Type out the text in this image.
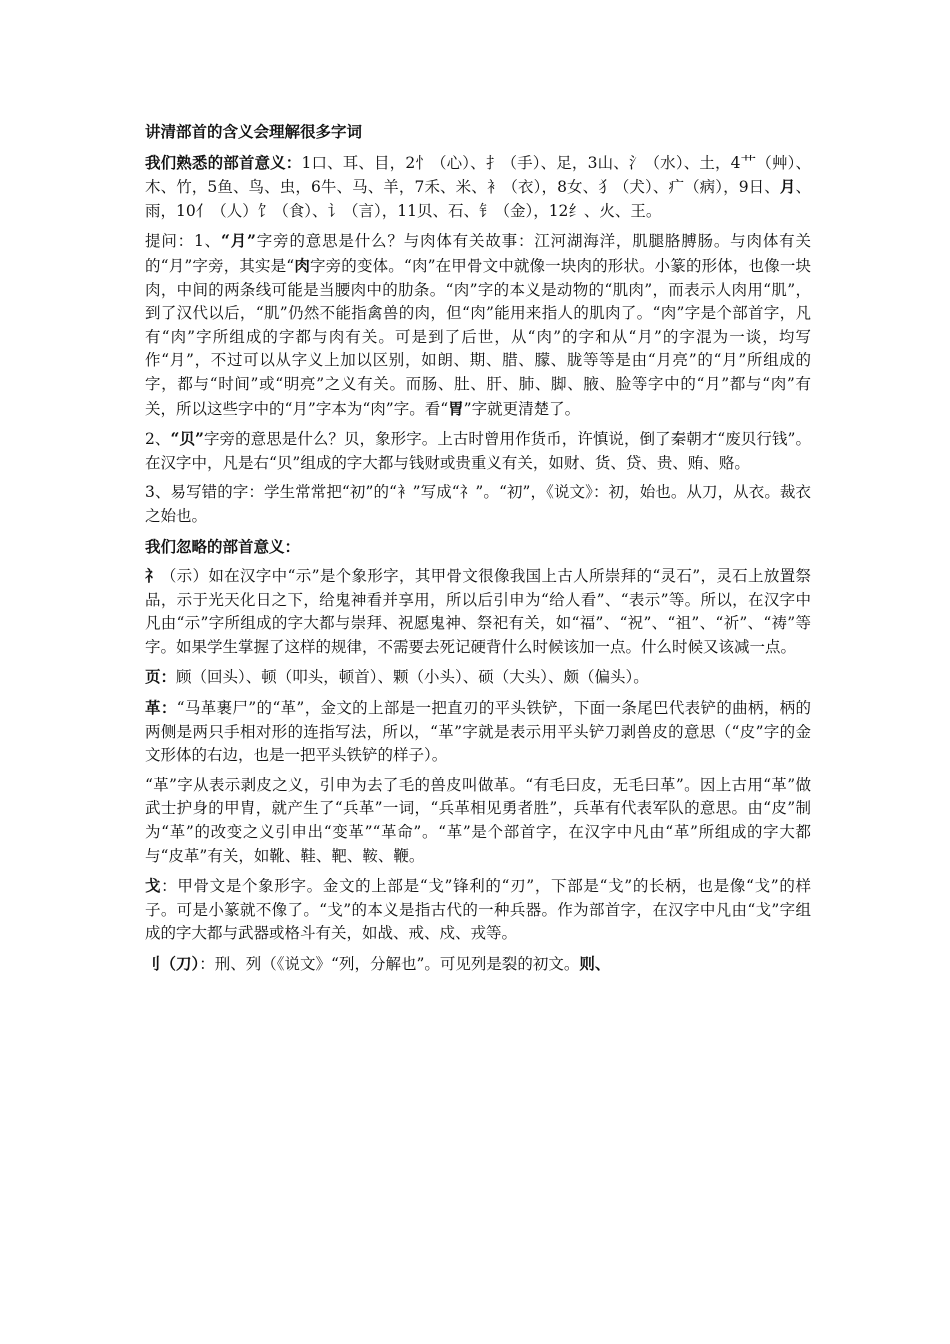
讲清部首的含义会理解很多字词

我们熟悉的部首意义：1口、耳、目，2忄（心）、扌（手）、足，3山、氵（水）、土，4艹（艸）、木、竹，5鱼、鸟、虫，6牛、马、羊，7禾、米、衤（衣），8女、犭（犬）、疒（病），9日、月、雨，10亻（人）饣（食）、讠（言），11贝、石、钅（金），12纟、火、王。

提问：1、“月”字旁的意思是什么？与肉体有关故事：江河湖海洋，肌腿胳膊肠。与肉体有关的“月”字旁，其实是“肉字旁的变体。“肉”在甲骨文中就像一块肉的形状。小篆的形体，也像一块肉，中间的两条线可能是当腰肉中的肋条。“肉”字的本义是动物的“肌肉”，而表示人肉用“肌”，到了汉代以后，“肌”仍然不能指禽兽的肉，但“肉”能用来指人的肌肉了。“肉”字是个部首字，凡有“肉”字所组成的字都与肉有关。可是到了后世，从“肉”的字和从“月”的字混为一谈，均写作“月”，不过可以从字义上加以区别，如朗、期、腊、朦、胧等等是由“月亮”的“月”所组成的字，都与“时间”或“明亮”之义有关。而肠、肚、肝、肺、脚、腋、脸等字中的“月”都与“肉”有关，所以这些字中的“月”字本为“肉”字。看“胃”字就更清楚了。

2、“贝”字旁的意思是什么？贝，象形字。上古时曾用作货币，许慎说，倒了秦朝才“废贝行钱”。在汉字中，凡是右“贝”组成的字大都与钱财或贵重义有关，如财、货、贷、贵、贿、赂。

3、易写错的字：学生常常把“初”的“衤”写成“礻”。“初”，《说文》：初，始也。从刀，从衣。裁衣之始也。

我们忽略的部首意义：

礻（示）如在汉字中“示”是个象形字，其甲骨文很像我国上古人所崇拜的“灵石”，灵石上放置祭品，示于光天化日之下，给鬼神看并享用，所以后引申为“给人看”、“表示”等。所以，在汉字中凡由“示”字所组成的字大都与崇拜、祝愿鬼神、祭祀有关，如“福”、“祝”、“祖”、“祈”、“祷”等字。如果学生掌握了这样的规律，不需要去死记硬背什么时候该加一点。什么时候又该减一点。

页：顾（回头）、顿（叩头，顿首）、颗（小头）、硕（大头）、颇（偏头）。

革：“马革裹尸”的“革”，金文的上部是一把直刃的平头铁铲，下面一条尾巴代表铲的曲柄，柄的两侧是两只手相对形的连指写法，所以，“革”字就是表示用平头铲刀剥兽皮的意思（“皮”字的金文形体的右边，也是一把平头铁铲的样子）。

“革”字从表示剥皮之义，引申为去了毛的兽皮叫做革。“有毛曰皮，无毛曰革”。因上古用“革”做武士护身的甲胄，就产生了“兵革”一词，“兵革相见勇者胜”，兵革有代表军队的意思。由“皮”制为“革”的改变之义引申出“变革”“革命”。“革”是个部首字，在汉字中凡由“革”所组成的字大都与“皮革”有关，如靴、鞋、靶、鞍、鞭。

戈：甲骨文是个象形字。金文的上部是“戈”锋利的“刃”，下部是“戈”的长柄，也是像“戈”的样子。可是小篆就不像了。“戈”的本义是指古代的一种兵器。作为部首字，在汉字中凡由“戈”字组成的字大都与武器或格斗有关，如战、戒、戍、戎等。

刂（刀）：刑、列（《说文》“列，分解也”。可见列是裂的初文。则、
